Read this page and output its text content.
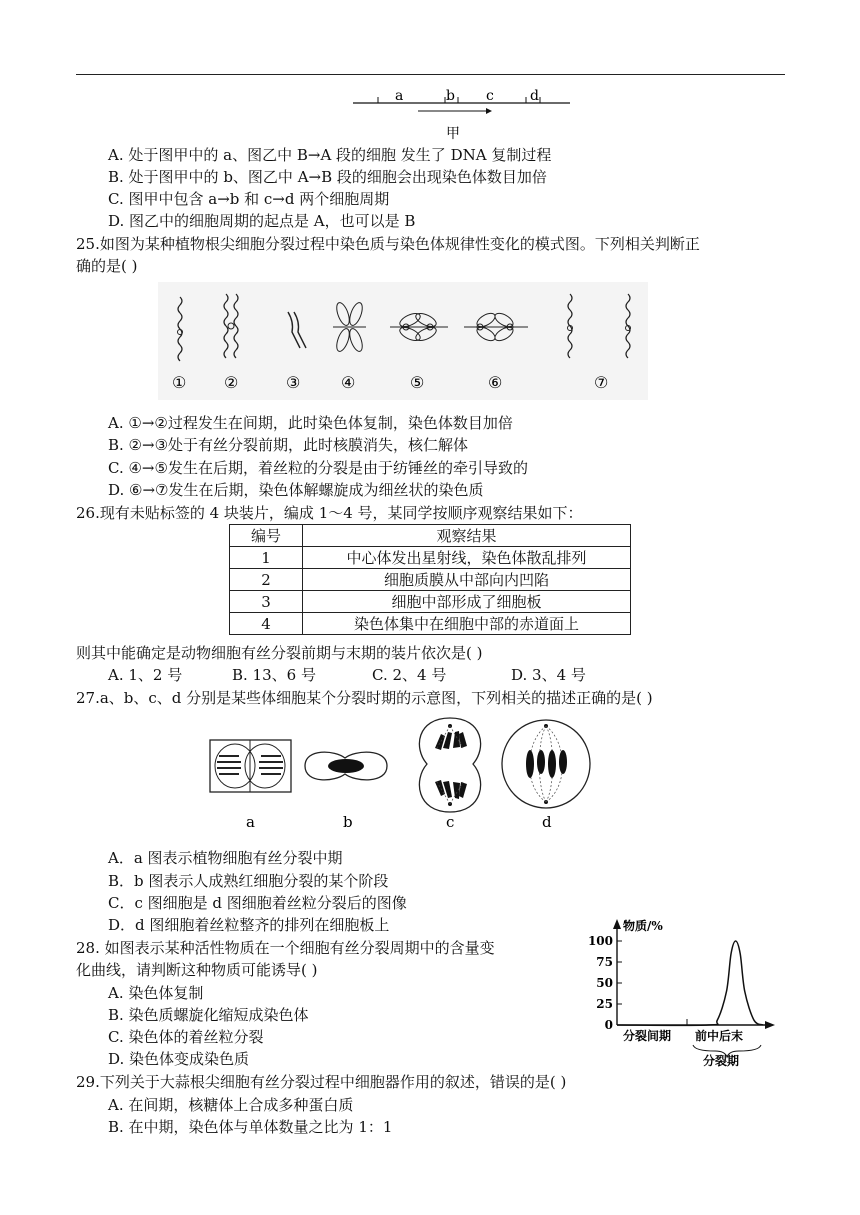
a	b c	d
甲
A. 处于图甲中的 a、图乙中 B→A 段的细胞 发生了 DNA 复制过程
B. 处于图甲中的 b、图乙中 A→B 段的细胞会出现染色体数目加倍
C. 图甲中包含 a→b 和 c→d 两个细胞周期
D. 图乙中的细胞周期的起点是 A，也可以是 B
25.如图为某种植物根尖细胞分裂过程中染色质与染色体规律性变化的模式图。下列相关判断正
确的是( )
① ②	③	④	⑤	⑥	⑦
A. ①→②过程发生在间期，此时染色体复制，染色体数目加倍
B. ②→③处于有丝分裂前期，此时核膜消失，核仁解体
C. ④→⑤发生在后期，着丝粒的分裂是由于纺锤丝的牵引导致的
D. ⑥→⑦发生在后期，染色体解螺旋成为细丝状的染色质
26.现有未贴标签的 4 块装片，编成 1～4 号，某同学按顺序观察结果如下：
编号	观察结果
1	中心体发出星射线，染色体散乱排列
2	细胞质膜从中部向内凹陷
3	细胞中部形成了细胞板
4	染色体集中在细胞中部的赤道面上
则其中能确定是动物细胞有丝分裂前期与末期的装片依次是( )
A. 1、2 号	B. 13、6 号	C. 2、4 号	D. 3、4 号
27.a、b、c、d 分别是某些体细胞某个分裂时期的示意图，下列相关的描述正确的是( )
a	b	c	d
A．a 图表示植物细胞有丝分裂中期
B．b 图表示人成熟红细胞分裂的某个阶段
C．c 图细胞是 d 图细胞着丝粒分裂后的图像
D．d 图细胞着丝粒整齐的排列在细胞板上
28. 如图表示某种活性物质在一个细胞有丝分裂周期中的含量变
化曲线，请判断这种物质可能诱导( )
A. 染色体复制
B. 染色质螺旋化缩短成染色体
C. 染色体的着丝粒分裂
D. 染色体变成染色质
物质/%
0
25
50
75
100
分裂间期 前中后末
分裂期
29.下列关于大蒜根尖细胞有丝分裂过程中细胞器作用的叙述，错误的是( )
A. 在间期，核糖体上合成多种蛋白质
B. 在中期，染色体与单体数量之比为 1：1
